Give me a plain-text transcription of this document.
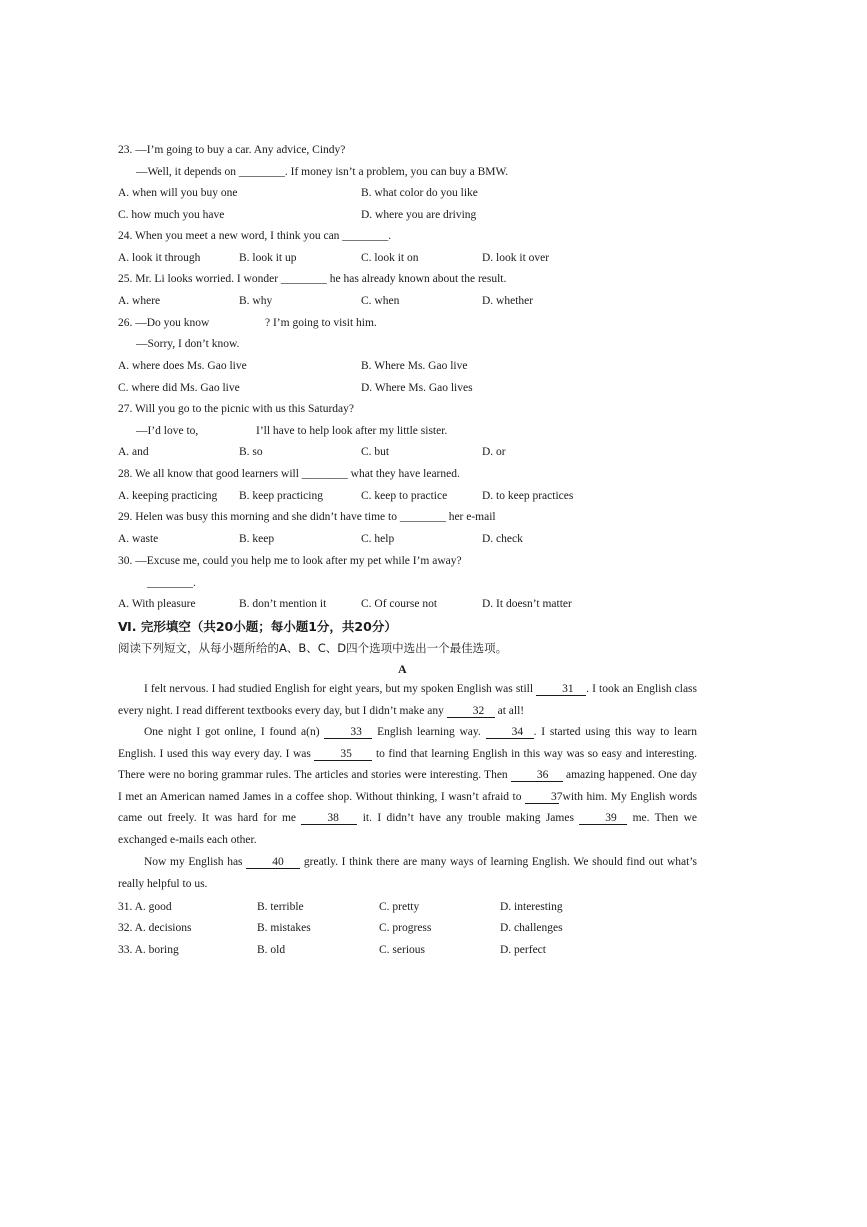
23. —I’m going to buy a car. Any advice, Cindy?
—Well, it depends on ________. If money isn’t a problem, you can buy a BMW.
A. when will you buy one	B. what color do you like
C. how much you have	D. where you are driving
24. When you meet a new word, I think you can ________.
A. look it through	B. look it up	C. look it on	D. look it over
25. Mr. Li looks worried. I wonder ________ he has already known about the result.
A. where	B. why	C. when	D. whether
26. —Do you know	? I’m going to visit him.
—Sorry, I don’t know.
A. where does Ms. Gao live	B. Where Ms. Gao live
C. where did Ms. Gao live	D. Where Ms. Gao lives
27. Will you go to the picnic with us this Saturday?
—I’d love to,	I’ll have to help look after my little sister.
A. and	B. so	C. but	D. or
28. We all know that good learners will ________ what they have learned.
A. keeping practicing B. keep practicing	C. keep to practice	D. to keep practices
29. Helen was busy this morning and she didn’t have time to ________ her e-mail
A. waste	B. keep	C. help	D. check
30. —Excuse me, could you help me to look after my pet while I’m away?
________.
A. With pleasure	B. don’t mention it	C. Of course not	D. It doesn’t matter
Ⅵ. 完形填空（共20小题；每小题1分，共20分）
阅读下列短文，从每小题所给的A、B、C、D四个选项中选出一个最佳选项。
A
I felt nervous. I had studied English for eight years, but my spoken English was still	31 . I took an English class every night. I read different textbooks every day, but I didn’t make any	32 at all!
One night I got online, I found a(n)	33 English learning way.	34 . I started using this way to learn English. I used this way every day. I was	35 to find that learning English in this way was so easy and interesting. There were no boring grammar rules. The articles and stories were interesting. Then	36 amazing happened. One day I met an American named James in a coffee shop. Without thinking, I wasn’t afraid to	37 with him. My English words came out freely. It was hard for me	38 it. I didn’t have any trouble making James	39 me. Then we exchanged e-mails each other.
Now my English has	40 greatly. I think there are many ways of learning English. We should find out what’s really helpful to us.
31. A. good	B. terrible	C. pretty	D. interesting
32. A. decisions	B. mistakes	C. progress	D. challenges
33. A. boring	B. old	C. serious	D. perfect
